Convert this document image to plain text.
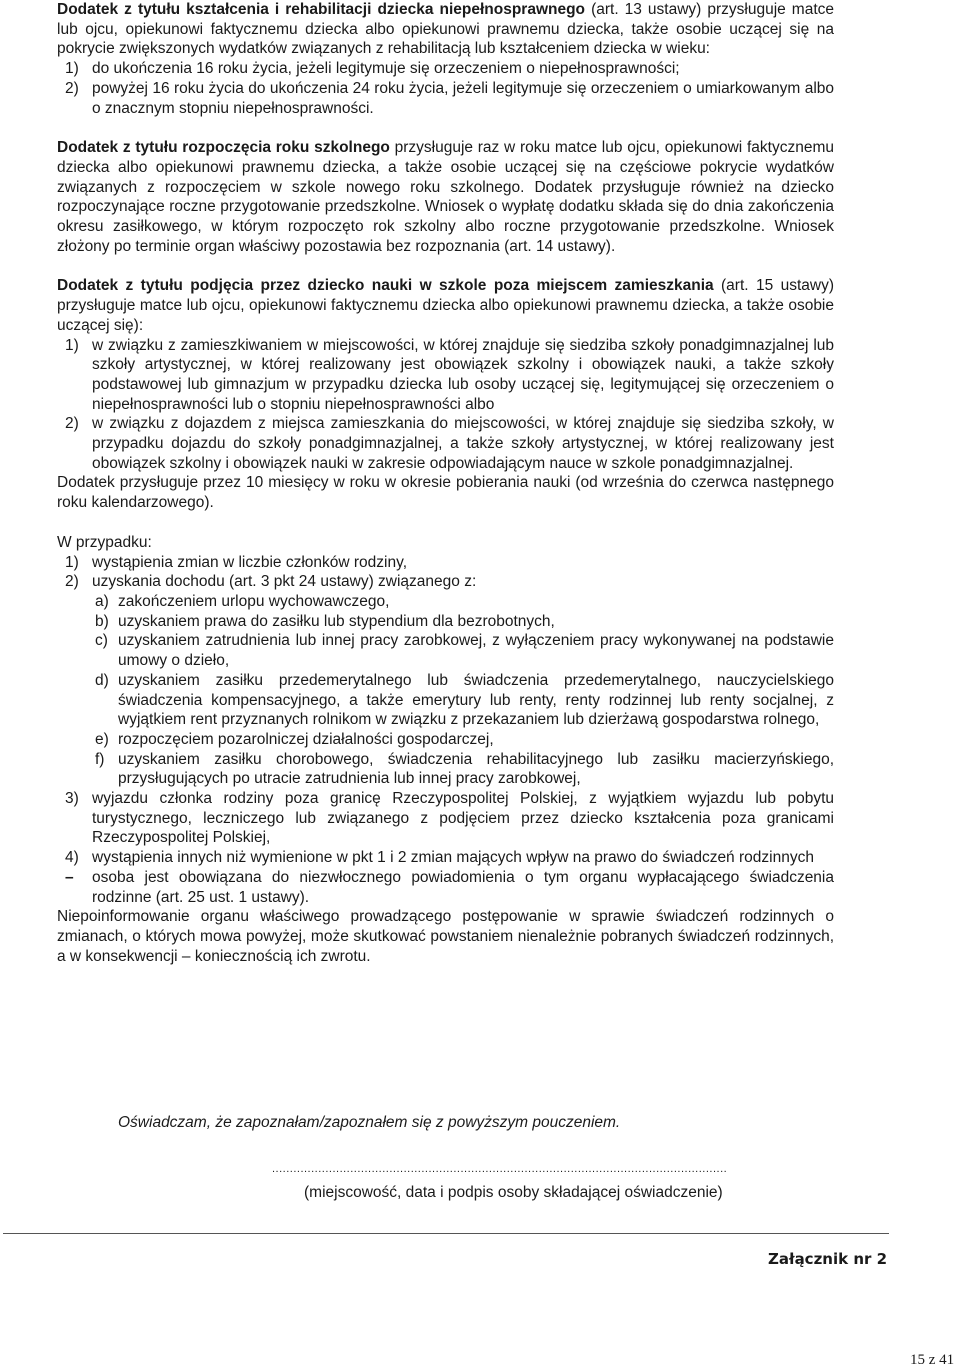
Dodatek z tytułu kształcenia i rehabilitacji dziecka niepełnosprawnego (art. 13 ustawy) przysługuje matce lub ojcu, opiekunowi faktycznemu dziecka albo opiekunowi prawnemu dziecka, także osobie uczącej się na pokrycie zwiększonych wydatków związanych z rehabilitacją lub kształceniem dziecka w wieku:

1) do ukończenia 16 roku życia, jeżeli legitymuje się orzeczeniem o niepełnosprawności;
2) powyżej 16 roku życia do ukończenia 24 roku życia, jeżeli legitymuje się orzeczeniem o umiarkowanym albo o znacznym stopniu niepełnosprawności.

Dodatek z tytułu rozpoczęcia roku szkolnego przysługuje raz w roku matce lub ojcu, opiekunowi faktycznemu dziecka albo opiekunowi prawnemu dziecka, a także osobie uczącej się na częściowe pokrycie wydatków związanych z rozpoczęciem w szkole nowego roku szkolnego. Dodatek przysługuje również na dziecko rozpoczynające roczne przygotowanie przedszkolne. Wniosek o wypłatę dodatku składa się do dnia zakończenia okresu zasiłkowego, w którym rozpoczęto rok szkolny albo roczne przygotowanie przedszkolne. Wniosek złożony po terminie organ właściwy pozostawia bez rozpoznania (art. 14 ustawy).

Dodatek z tytułu podjęcia przez dziecko nauki w szkole poza miejscem zamieszkania (art. 15 ustawy) przysługuje matce lub ojcu, opiekunowi faktycznemu dziecka albo opiekunowi prawnemu dziecka, a także osobie uczącej się):

1) w związku z zamieszkiwaniem w miejscowości, w której znajduje się siedziba szkoły ponadgimnazjalnej lub szkoły artystycznej, w której realizowany jest obowiązek szkolny i obowiązek nauki, a także szkoły podstawowej lub gimnazjum w przypadku dziecka lub osoby uczącej się, legitymującej się orzeczeniem o niepełnosprawności lub o stopniu niepełnosprawności albo
2) w związku z dojazdem z miejsca zamieszkania do miejscowości, w której znajduje się siedziba szkoły, w przypadku dojazdu do szkoły ponadgimnazjalnej, a także szkoły artystycznej, w której realizowany jest obowiązek szkolny i obowiązek nauki w zakresie odpowiadającym nauce w szkole ponadgimnazjalnej.

Dodatek przysługuje przez 10 miesięcy w roku w okresie pobierania nauki (od września do czerwca następnego roku kalendarzowego).

W przypadku:

1) wystąpienia zmian w liczbie członków rodziny,
2) uzyskania dochodu (art. 3 pkt 24 ustawy) związanego z:
a) zakończeniem urlopu wychowawczego,
b) uzyskaniem prawa do zasiłku lub stypendium dla bezrobotnych,
c) uzyskaniem zatrudnienia lub innej pracy zarobkowej, z wyłączeniem pracy wykonywanej na podstawie umowy o dzieło,
d) uzyskaniem zasiłku przedemerytalnego lub świadczenia przedemerytalnego, nauczycielskiego świadczenia kompensacyjnego, a także emerytury lub renty, renty rodzinnej lub renty socjalnej, z wyjątkiem rent przyznanych rolnikom w związku z przekazaniem lub dzierżawą gospodarstwa rolnego,
e) rozpoczęciem pozarolniczej działalności gospodarczej,
f) uzyskaniem zasiłku chorobowego, świadczenia rehabilitacyjnego lub zasiłku macierzyńskiego, przysługujących po utracie zatrudnienia lub innej pracy zarobkowej,
3) wyjazdu członka rodziny poza granicę Rzeczypospolitej Polskiej, z wyjątkiem wyjazdu lub pobytu turystycznego, leczniczego lub związanego z podjęciem przez dziecko kształcenia poza granicami Rzeczypospolitej Polskiej,
4) wystąpienia innych niż wymienione w pkt 1 i 2 zmian mających wpływ na prawo do świadczeń rodzinnych
– osoba jest obowiązana do niezwłocznego powiadomienia o tym organu wypłacającego świadczenia rodzinne (art. 25 ust. 1 ustawy).

Niepoinformowanie organu właściwego prowadzącego postępowanie w sprawie świadczeń rodzinnych o zmianach, o których mowa powyżej, może skutkować powstaniem nienależnie pobranych świadczeń rodzinnych, a w konsekwencji – koniecznością ich zwrotu.

Oświadczam, że zapoznałam/zapoznałem się z powyższym pouczeniem.
................................................................................................................................
(miejscowość, data i podpis osoby składającej oświadczenie)
Załącznik nr 2
15 z 41
